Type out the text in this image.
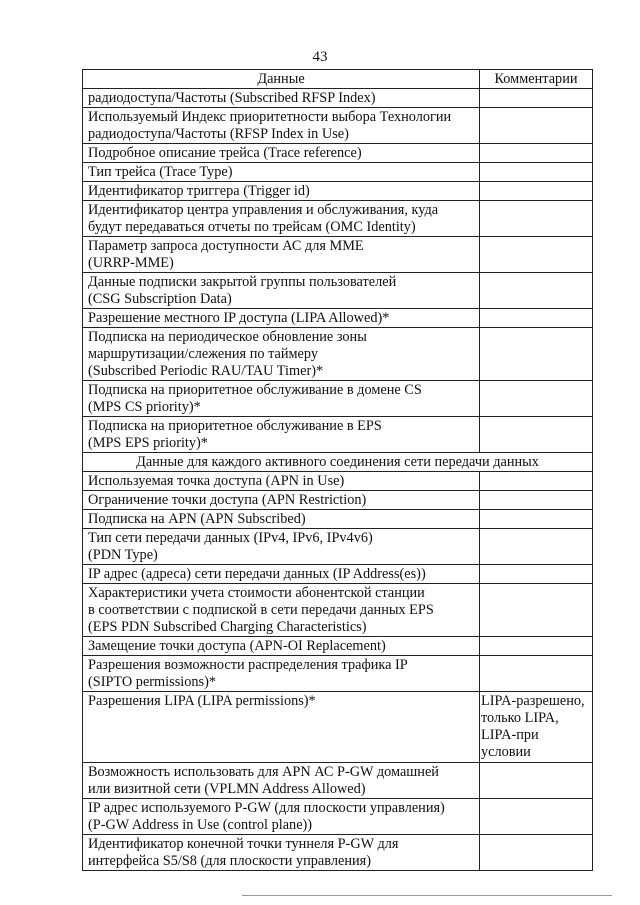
43
Данные	Комментарии

радиодоступа/Частоты (Subscribed RFSP Index)	

Используемый Индекс приоритетности выбора Технологии
радиодоступа/Частоты (RFSP Index in Use)	

Подробное описание трейса (Trace reference)	

Тип трейса (Trace Type)	

Идентификатор триггера (Trigger id)	

Идентификатор центра управления и обслуживания, куда
будут передаваться отчеты по трейсам (OMC Identity)	

Параметр запроса доступности АС для MME
(URRP-MME)	

Данные подписки закрытой группы пользователей
(CSG Subscription Data)	

Разрешение местного IP доступа (LIPA Allowed)*	

Подписка на периодическое обновление зоны
маршрутизации/слежения по таймеру
(Subscribed Periodic RAU/TAU Timer)*	

Подписка на приоритетное обслуживание в домене CS
(MPS CS priority)*	

Подписка на приоритетное обслуживание в EPS
(MPS EPS priority)*	

Данные для каждого активного соединения сети передачи данных	

Используемая точка доступа (APN in Use)	

Ограничение точки доступа (APN Restriction)	

Подписка на APN (APN Subscribed)	

Тип сети передачи данных (IPv4, IPv6, IPv4v6)
(PDN Type)	

IP адрес (адреса) сети передачи данных (IP Address(es))	

Характеристики учета стоимости абонентской станции
в соответствии с подпиской в сети передачи данных EPS
(EPS PDN Subscribed Charging Characteristics)	

Замещение точки доступа (APN-OI Replacement)	

Разрешения возможности распределения трафика IP
(SIPTO permissions)*	

Разрешения LIPA (LIPA permissions)*	LIPA-разрешено,
только LIPA,
LIPA-при
условии

Возможность использовать для APN АС P-GW домашней
или визитной сети (VPLMN Address Allowed)	

IP адрес используемого P-GW (для плоскости управления)
(P-GW Address in Use (control plane))	

Идентификатор конечной точки туннеля P-GW для
интерфейса S5/S8 (для плоскости управления)	
